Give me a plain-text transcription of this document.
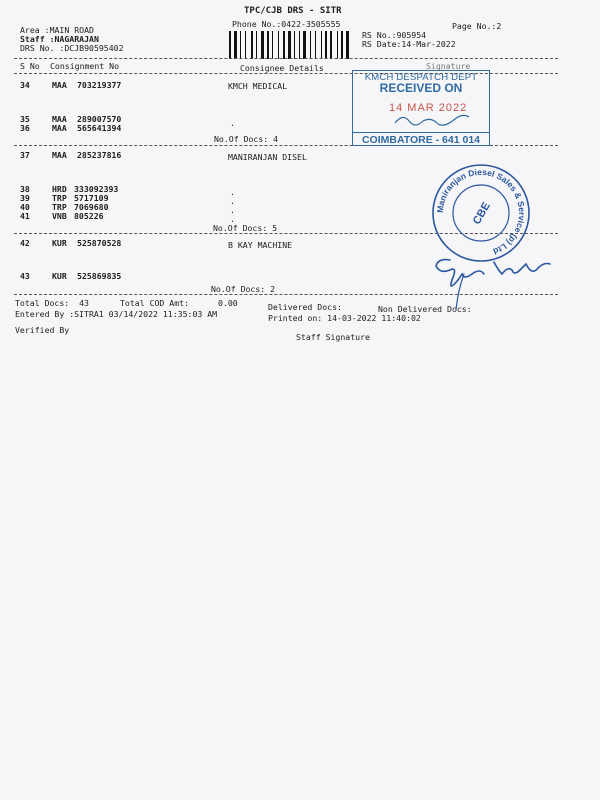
TPC/CJB DRS - SITR
Phone No.:0422-3505555	Page No.:2
Area :MAIN ROAD
Staff :NAGARAJAN
DRS No. :DCJB90595402
RS No.:905954
RS Date:14-Mar-2022
S No Consignment No	Consignee Details	Signature
34	MAA 703219377	KMCH MEDICAL
35	MAA 289007570
36	MAA 565641394	.
No.Of Docs: 4
37	MAA 285237816	MANIRANJAN DISEL
38	HRD 333092393
39	TRP 5717109
40	TRP 7069680
41	VNB 805226
.
.
.
.
No.Of Docs: 5
42	KUR 525870528	B KAY MACHINE
43	KUR 525869835
No.Of Docs: 2
Total Docs:  43	Total COD Amt:	0.00	Delivered Docs:	Non Delivered Docs:
Entered By :SITRA1 03/14/2022 11:35:03 AM	Printed on: 14-03-2022 11:40:02
Verified By
Staff Signature
KMCH DESPATCH DEPT
RECEIVED ON
14 MAR 2022
COIMBATORE - 641 014
Maniranjan Diesel Sales & Service (p) Ltd
CBE
